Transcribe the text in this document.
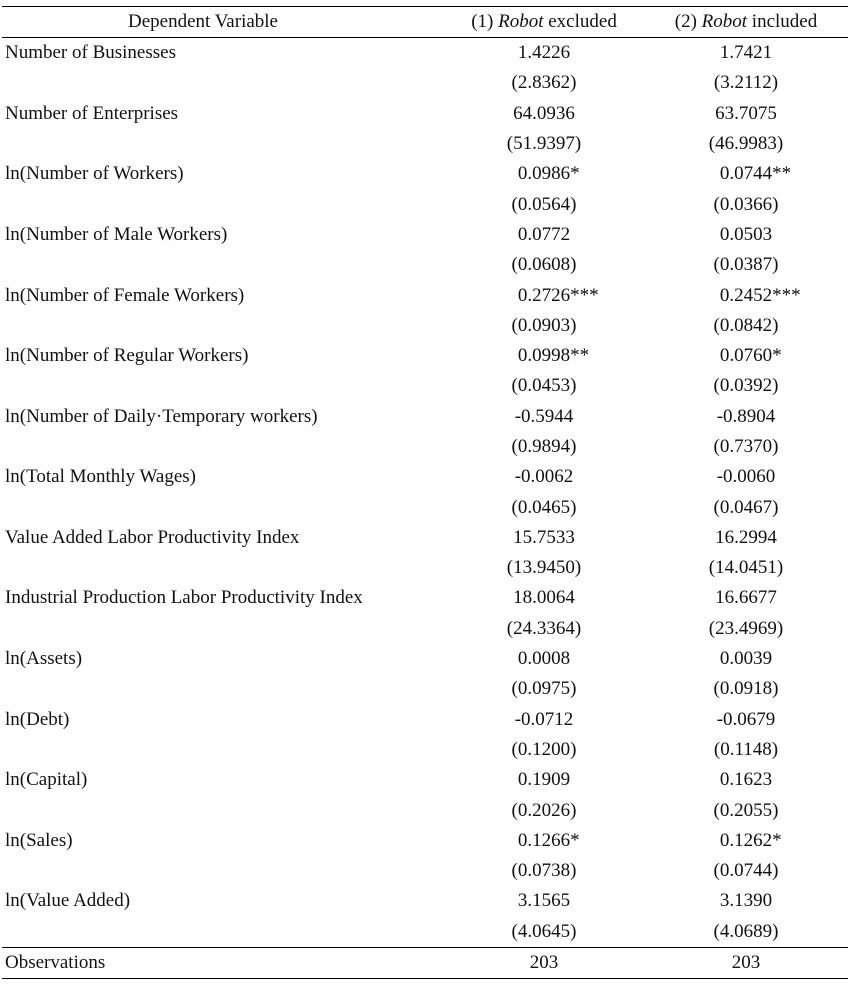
Dependent Variable	(1) Robot excluded	(2) Robot included
Number of Businesses	1.4226	1.7421
	(2.8362)	(3.2112)
Number of Enterprises	64.0936	63.7075
	(51.9397)	(46.9983)
ln(Number of Workers)	0.0986 *	0.0744 **

	(0.0564)	(0.0366)
ln(Number of Male Workers)	0.0772	0.0503
	(0.0608)	(0.0387)
ln(Number of Female Workers)	0.2726 ***	0.2452 ***

	(0.0903)	(0.0842)
ln(Number of Regular Workers)	0.0998 **	0.0760 *

	(0.0453)	(0.0392)
ln(Number of Daily·Temporary workers)	-0.5944	-0.8904
	(0.9894)	(0.7370)
ln(Total Monthly Wages)	-0.0062	-0.0060
	(0.0465)	(0.0467)
Value Added Labor Productivity Index	15.7533	16.2994
	(13.9450)	(14.0451)
Industrial Production Labor Productivity Index	18.0064	16.6677
	(24.3364)	(23.4969)
ln(Assets)	0.0008	0.0039
	(0.0975)	(0.0918)
ln(Debt)	-0.0712	-0.0679
	(0.1200)	(0.1148)
ln(Capital)	0.1909	0.1623
	(0.2026)	(0.2055)
ln(Sales)	0.1266 *	0.1262 *

	(0.0738)	(0.0744)
ln(Value Added)	3.1565	3.1390
	(4.0645)	(4.0689)
Observations	203	203
